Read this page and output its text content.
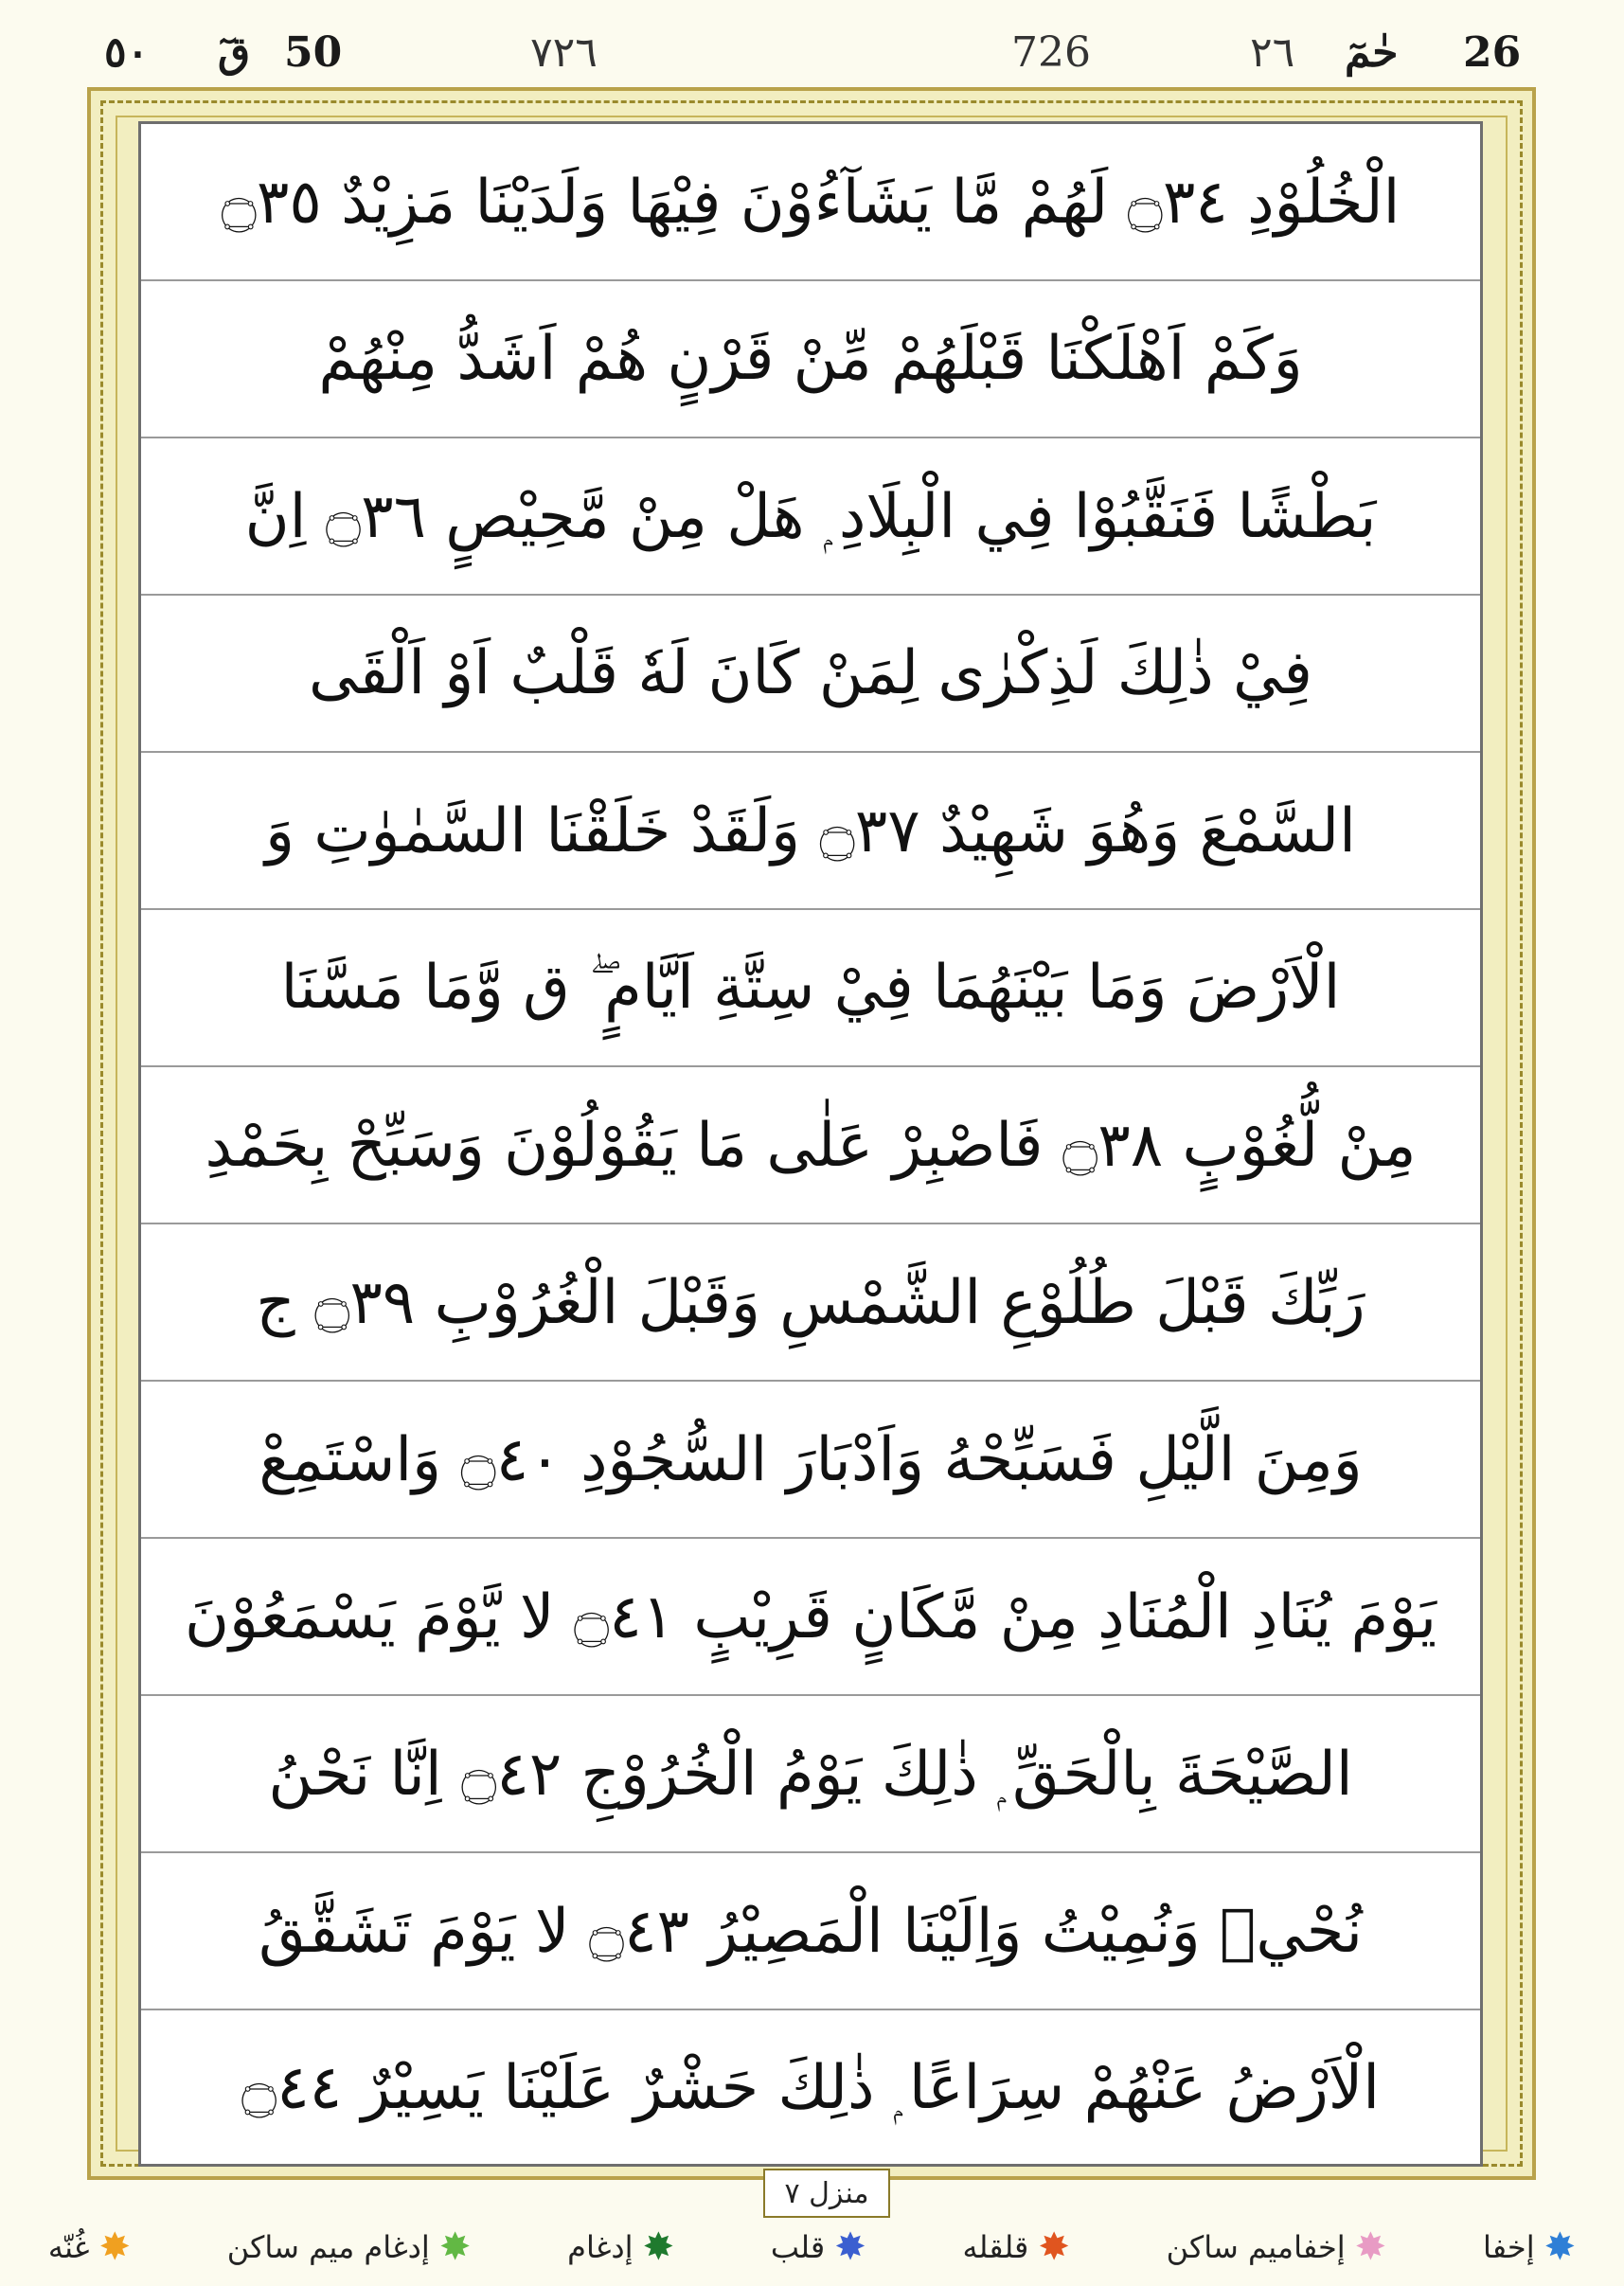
٥٠ قٓ 50	٧٢٦	726	٢٦ حٰمٓ 26
الْخُلُوْدِ ۝٣٤ لَهُمْ مَّا يَشَآءُوْنَ فِيْهَا وَلَدَيْنَا مَزِيْدٌ ۝٣٥
وَكَمْ اَهْلَكْنَا قَبْلَهُمْ مِّنْ قَرْنٍ هُمْ اَشَدُّ مِنْهُمْ
بَطْشًا فَنَقَّبُوْا فِي الْبِلَادِ ۭ هَلْ مِنْ مَّحِيْصٍ ۝٣٦ اِنَّ
فِيْ ذٰلِكَ لَذِكْرٰى لِمَنْ كَانَ لَهٗ قَلْبٌ اَوْ اَلْقَى
السَّمْعَ وَهُوَ شَهِيْدٌ ۝٣٧ وَلَقَدْ خَلَقْنَا السَّمٰوٰتِ وَ
الْاَرْضَ وَمَا بَيْنَهُمَا فِيْ سِتَّةِ اَيَّامٍ ۖ ق وَّمَا مَسَّنَا
مِنْ لُّغُوْبٍ ۝٣٨ فَاصْبِرْ عَلٰى مَا يَقُوْلُوْنَ وَسَبِّحْ بِحَمْدِ
رَبِّكَ قَبْلَ طُلُوْعِ الشَّمْسِ وَقَبْلَ الْغُرُوْبِ ۝٣٩ ج
وَمِنَ الَّيْلِ فَسَبِّحْهُ وَاَدْبَارَ السُّجُوْدِ ۝٤٠ وَاسْتَمِعْ
يَوْمَ يُنَادِ الْمُنَادِ مِنْ مَّكَانٍ قَرِيْبٍ ۝٤١ لا يَّوْمَ يَسْمَعُوْنَ
الصَّيْحَةَ بِالْحَقِّ ۭ ذٰلِكَ يَوْمُ الْخُرُوْجِ ۝٤٢ اِنَّا نَحْنُ
نُحْيٖ وَنُمِيْتُ وَاِلَيْنَا الْمَصِيْرُ ۝٤٣ لا يَوْمَ تَشَقَّقُ
الْاَرْضُ عَنْهُمْ سِرَاعًا ۭ ذٰلِكَ حَشْرٌ عَلَيْنَا يَسِيْرٌ ۝٤٤
منزل ٧
✸
إخفا
✸
إخفاميم ساكن
✸
قلقله
✸
قلب
✸
إدغام
✸
إدغام ميم ساكن
✸
غُنّه
